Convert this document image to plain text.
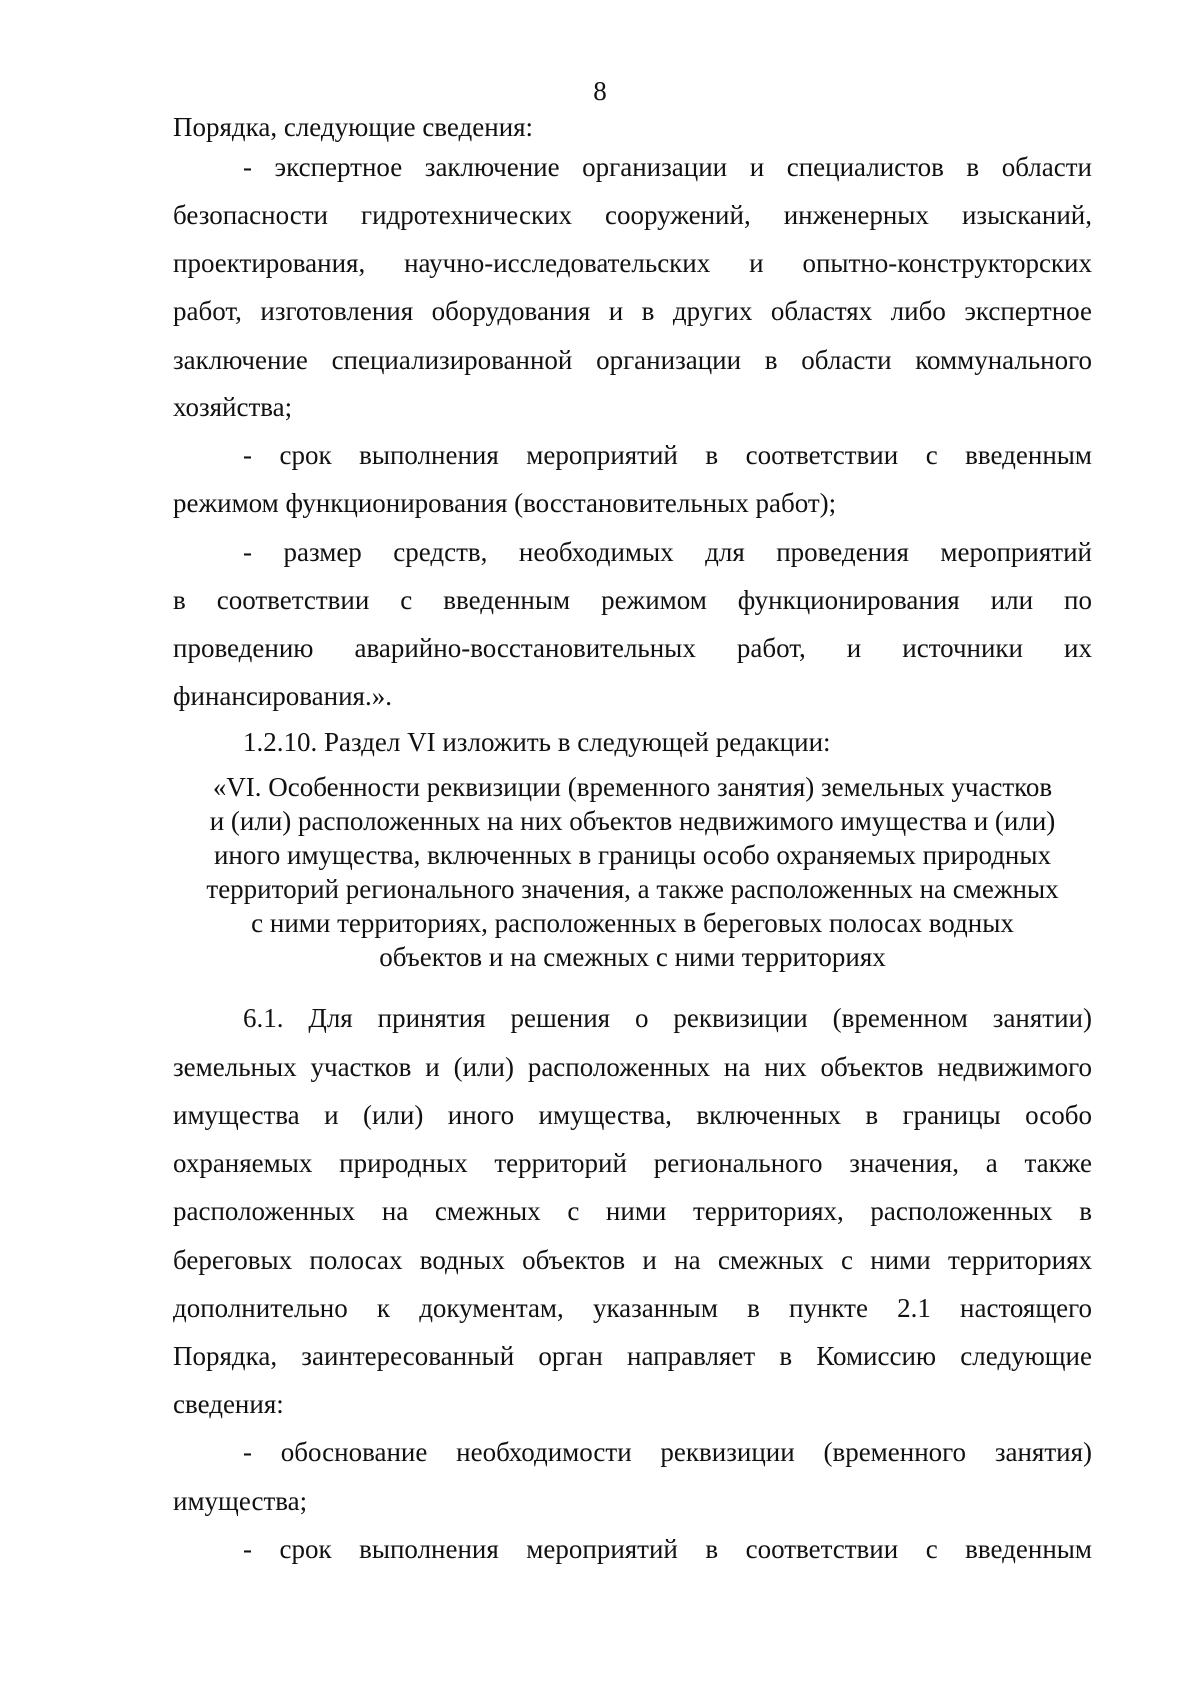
8
Порядка, следующие сведения:
- экспертное заключение организации и специалистов в области
безопасности гидротехнических сооружений, инженерных изысканий,
проектирования, научно-исследовательских и опытно-конструкторских
работ, изготовления оборудования и в других областях либо экспертное
заключение специализированной организации в области коммунального
хозяйства;
- срок выполнения мероприятий в соответствии с введенным
режимом функционирования (восстановительных работ);
- размер средств, необходимых для проведения мероприятий
в соответствии с введенным режимом функционирования или по
проведению аварийно-восстановительных работ, и источники их
финансирования.».
1.2.10. Раздел VI изложить в следующей редакции:
«VI. Особенности реквизиции (временного занятия) земельных участков
и (или) расположенных на них объектов недвижимого имущества и (или)
иного имущества, включенных в границы особо охраняемых природных
территорий регионального значения, а также расположенных на смежных
с ними территориях, расположенных в береговых полосах водных
объектов и на смежных с ними территориях
6.1. Для принятия решения о реквизиции (временном занятии)
земельных участков и (или) расположенных на них объектов недвижимого
имущества и (или) иного имущества, включенных в границы особо
охраняемых природных территорий регионального значения, а также
расположенных на смежных с ними территориях, расположенных в
береговых полосах водных объектов и на смежных с ними территориях
дополнительно к документам, указанным в пункте 2.1 настоящего
Порядка, заинтересованный орган направляет в Комиссию следующие
сведения:
- обоснование необходимости реквизиции (временного занятия)
имущества;
- срок выполнения мероприятий в соответствии с введенным
